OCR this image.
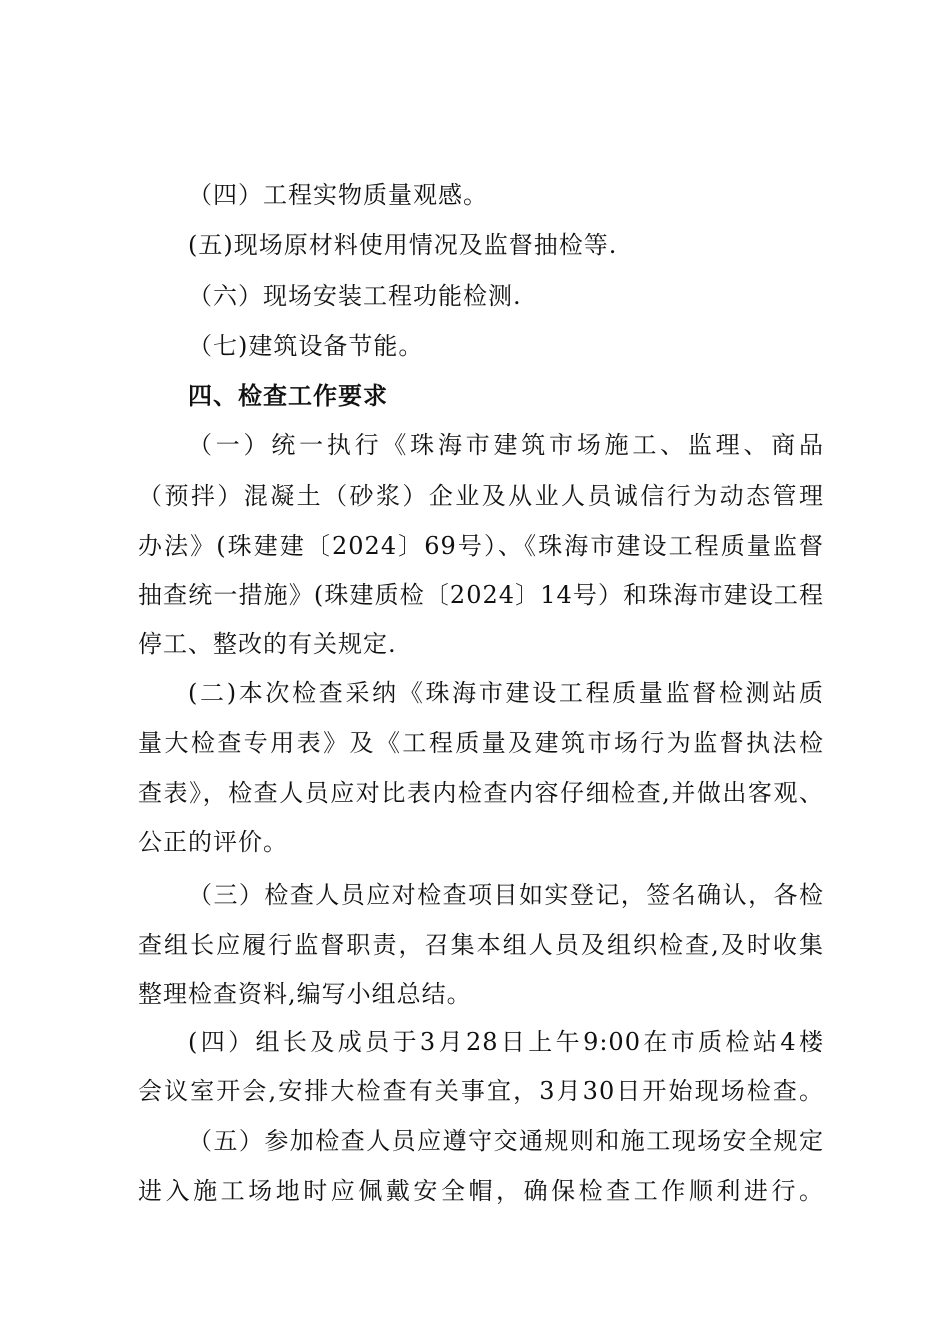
（四）工程实物质量观感。
(五)现场原材料使用情况及监督抽检等.
（六）现场安装工程功能检测.
（七)建筑设备节能。
四、检查工作要求
（一）统一执行《珠海市建筑市场施工、监理、商品
（预拌）混凝土（砂浆）企业及从业人员诚信行为动态管理
办法》(珠建建〔2024〕69号）、《珠海市建设工程质量监督
抽查统一措施》(珠建质检〔2024〕14号）和珠海市建设工程
停工、整改的有关规定.
(二)本次检查采纳《珠海市建设工程质量监督检测站质
量大检查专用表》及《工程质量及建筑市场行为监督执法检
查表》，检查人员应对比表内检查内容仔细检查,并做出客观、
公正的评价。
（三）检查人员应对检查项目如实登记，签名确认，各检
查组长应履行监督职责，召集本组人员及组织检查,及时收集
整理检查资料,编写小组总结。
(四）组长及成员于3月28日上午9:00在市质检站4楼
会议室开会,安排大检查有关事宜，3月30日开始现场检查。
（五）参加检查人员应遵守交通规则和施工现场安全规定
进入施工场地时应佩戴安全帽，确保检查工作顺利进行。
